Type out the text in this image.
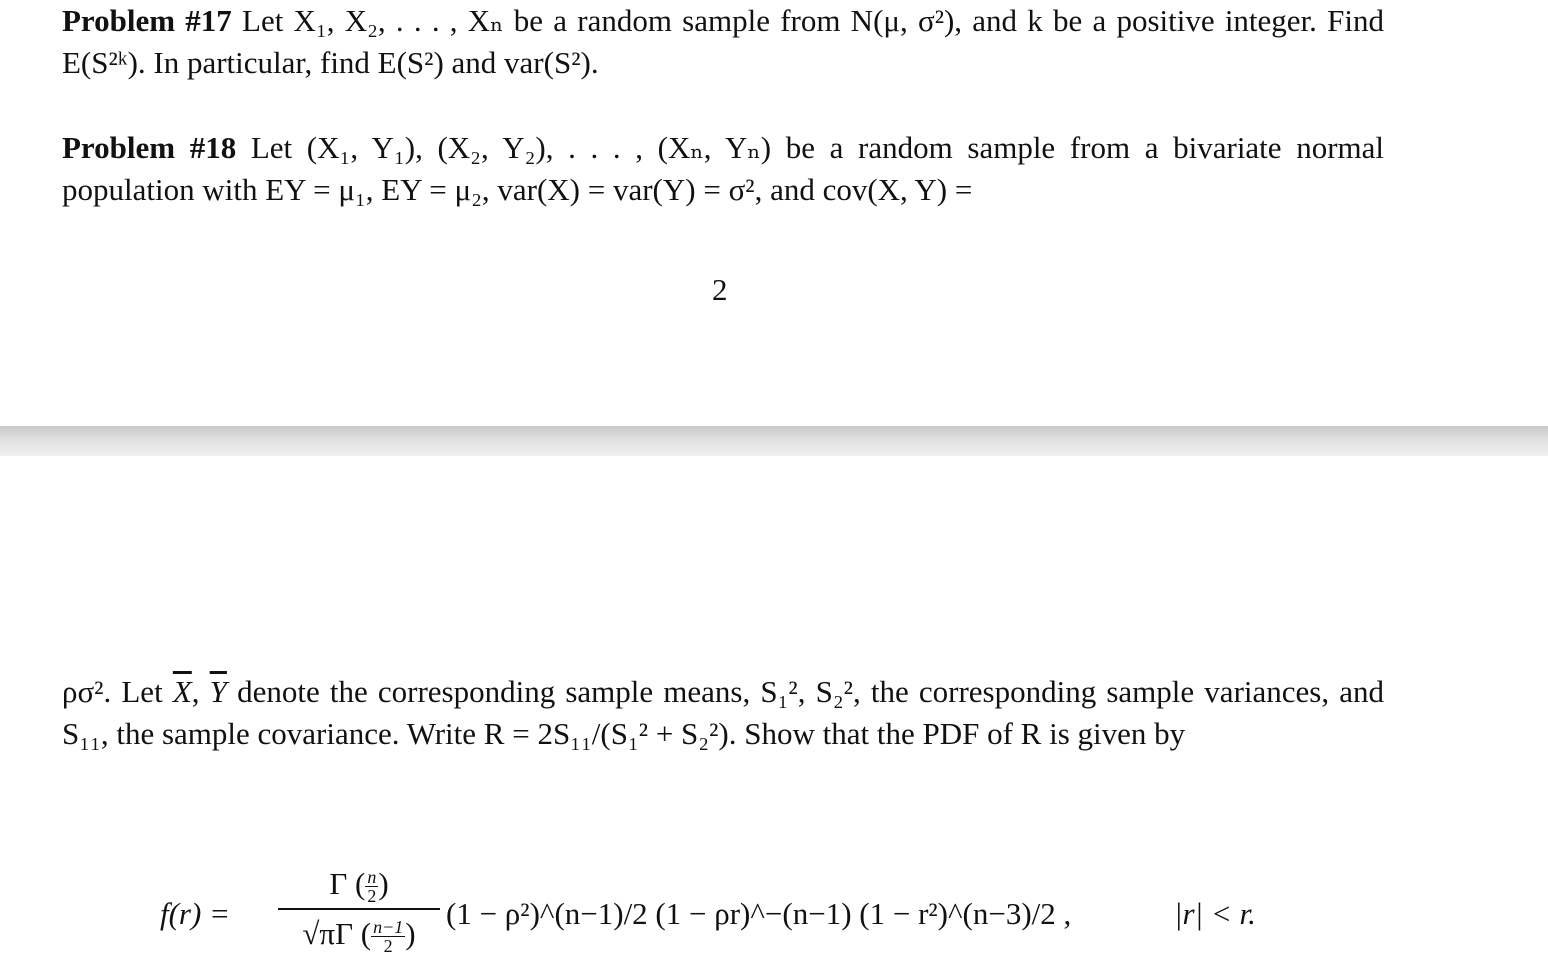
Problem #17 Let X₁, X₂, . . . , Xₙ be a random sample from N(μ, σ²), and k be a positive integer. Find E(S²ᵏ). In particular, find E(S²) and var(S²).

Problem #18 Let (X₁, Y₁), (X₂, Y₂), . . . , (Xₙ, Yₙ) be a random sample from a bivariate normal population with EY = μ₁, EY = μ₂, var(X) = var(Y) = σ², and cov(X, Y) =

2

ρσ². Let $\overline{X}$, $\overline{Y}$ denote the corresponding sample means, S₁², S₂², the corresponding sample variances, and S₁₁, the sample covariance. Write R = 2S₁₁/(S₁² + S₂²). Show that the PDF of R is given by

f(r) =
Γ ( $\frac{n}{2}$ )
√πΓ ( $\frac{n-1}{2}$ )
(1 − ρ²)^(n−1)/2 (1 − ρr)^−(n−1) (1 − r²)^(n−3)/2 ,	|r| < r.
